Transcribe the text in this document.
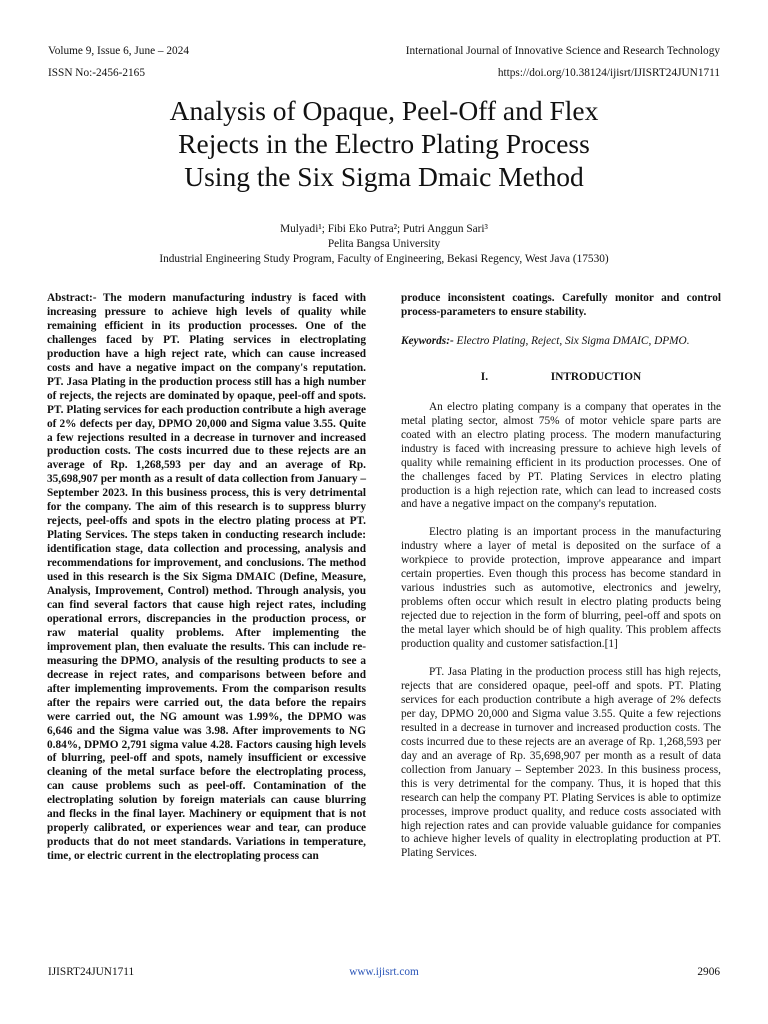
Volume 9, Issue 6, June – 2024	International Journal of Innovative Science and Research Technology
ISSN No:-2456-2165	https://doi.org/10.38124/ijisrt/IJISRT24JUN1711
Analysis of Opaque, Peel-Off and Flex
Rejects in the Electro Plating Process
Using the Six Sigma Dmaic Method
Mulyadi¹; Fibi Eko Putra²; Putri Anggun Sari³
Pelita Bangsa University
Industrial Engineering Study Program, Faculty of Engineering, Bekasi Regency, West Java (17530)

Abstract:- The modern manufacturing industry is faced with increasing pressure to achieve high levels of quality while remaining efficient in its production processes. One of the challenges faced by PT. Plating services in electroplating production have a high reject rate, which can cause increased costs and have a negative impact on the company's reputation. PT. Jasa Plating in the production process still has a high number of rejects, the rejects are dominated by opaque, peel-off and spots. PT. Plating services for each production contribute a high average of 2% defects per day, DPMO 20,000 and Sigma value 3.55. Quite a few rejections resulted in a decrease in turnover and increased production costs. The costs incurred due to these rejects are an average of Rp. 1,268,593 per day and an average of Rp. 35,698,907 per month as a result of data collection from January – September 2023. In this business process, this is very detrimental for the company. The aim of this research is to suppress blurry rejects, peel-offs and spots in the electro plating process at PT. Plating Services. The steps taken in conducting research include: identification stage, data collection and processing, analysis and recommendations for improvement, and conclusions. The method used in this research is the Six Sigma DMAIC (Define, Measure, Analysis, Improvement, Control) method. Through analysis, you can find several factors that cause high reject rates, including operational errors, discrepancies in the production process, or raw material quality problems. After implementing the improvement plan, then evaluate the results. This can include re-measuring the DPMO, analysis of the resulting products to see a decrease in reject rates, and comparisons between before and after implementing improvements. From the comparison results after the repairs were carried out, the data before the repairs were carried out, the NG amount was 1.99%, the DPMO was 6,646 and the Sigma value was 3.98. After improvements to NG 0.84%, DPMO 2,791 sigma value 4.28. Factors causing high levels of blurring, peel-off and spots, namely insufficient or excessive cleaning of the metal surface before the electroplating process, can cause problems such as peel-off. Contamination of the electroplating solution by foreign materials can cause blurring and flecks in the final layer. Machinery or equipment that is not properly calibrated, or experiences wear and tear, can produce products that do not meet standards. Variations in temperature, time, or electric current in the electroplating process can

produce inconsistent coatings. Carefully monitor and control process-parameters to ensure stability.

Keywords:- Electro Plating, Reject, Six Sigma DMAIC, DPMO.

I.	INTRODUCTION

An electro plating company is a company that operates in the metal plating sector, almost 75% of motor vehicle spare parts are coated with an electro plating process. The modern manufacturing industry is faced with increasing pressure to achieve high levels of quality while remaining efficient in its production processes. One of the challenges faced by PT. Plating Services in electro plating production is a high rejection rate, which can lead to increased costs and have a negative impact on the company's reputation.

Electro plating is an important process in the manufacturing industry where a layer of metal is deposited on the surface of a workpiece to provide protection, improve appearance and impart certain properties. Even though this process has become standard in various industries such as automotive, electronics and jewelry, problems often occur which result in electro plating products being rejected due to rejection in the form of blurring, peel-off and spots on the metal layer which should be of high quality. This problem affects production quality and customer satisfaction.[1]

PT. Jasa Plating in the production process still has high rejects, rejects that are considered opaque, peel-off and spots. PT. Plating services for each production contribute a high average of 2% defects per day, DPMO 20,000 and Sigma value 3.55. Quite a few rejections resulted in a decrease in turnover and increased production costs. The costs incurred due to these rejects are an average of Rp. 1,268,593 per day and an average of Rp. 35,698,907 per month as a result of data collection from January – September 2023. In this business process, this is very detrimental for the company. Thus, it is hoped that this research can help the company PT. Plating Services is able to optimize processes, improve product quality, and reduce costs associated with high rejection rates and can provide valuable guidance for companies to achieve higher levels of quality in electroplating production at PT. Plating Services.

IJISRT24JUN1711	www.ijisrt.com	2906
